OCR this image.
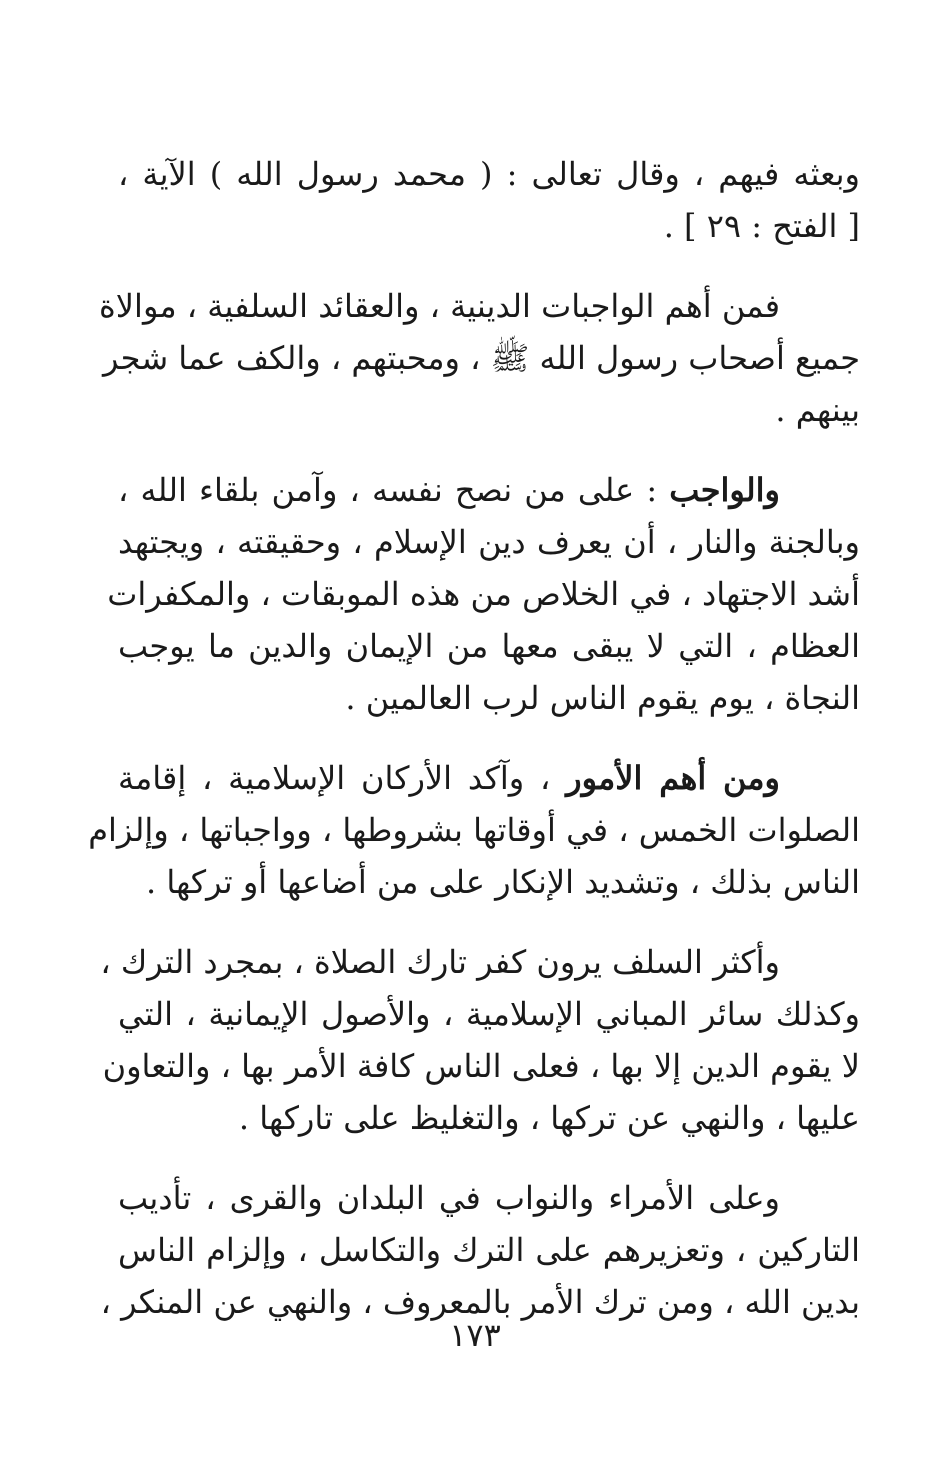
وبعثه فيهم ، وقال تعالى : ( محمد رسول الله ) الآية ،
[ الفتح : ٢٩ ] .

فمن أهم الواجبات الدينية ، والعقائد السلفية ، موالاة
جميع أصحاب رسول الله ﷺ ، ومحبتهم ، والكف عما شجر
بينهم .

والواجب : على من نصح نفسه ، وآمن بلقاء الله ،
وبالجنة والنار ، أن يعرف دين الإسلام ، وحقيقته ، ويجتهد
أشد الاجتهاد ، في الخلاص من هذه الموبقات ، والمكفرات
العظام ، التي لا يبقى معها من الإيمان والدين ما يوجب
النجاة ، يوم يقوم الناس لرب العالمين .

ومن أهم الأمور ، وآكد الأركان الإسلامية ، إقامة
الصلوات الخمس ، في أوقاتها بشروطها ، وواجباتها ، وإلزام
الناس بذلك ، وتشديد الإنكار على من أضاعها أو تركها .

وأكثر السلف يرون كفر تارك الصلاة ، بمجرد الترك ،
وكذلك سائر المباني الإسلامية ، والأصول الإيمانية ، التي
لا يقوم الدين إلا بها ، فعلى الناس كافة الأمر بها ، والتعاون
عليها ، والنهي عن تركها ، والتغليظ على تاركها .

وعلى الأمراء والنواب في البلدان والقرى ، تأديب
التاركين ، وتعزيرهم على الترك والتكاسل ، وإلزام الناس
بدين الله ، ومن ترك الأمر بالمعروف ، والنهي عن المنكر ،

١٧٣
